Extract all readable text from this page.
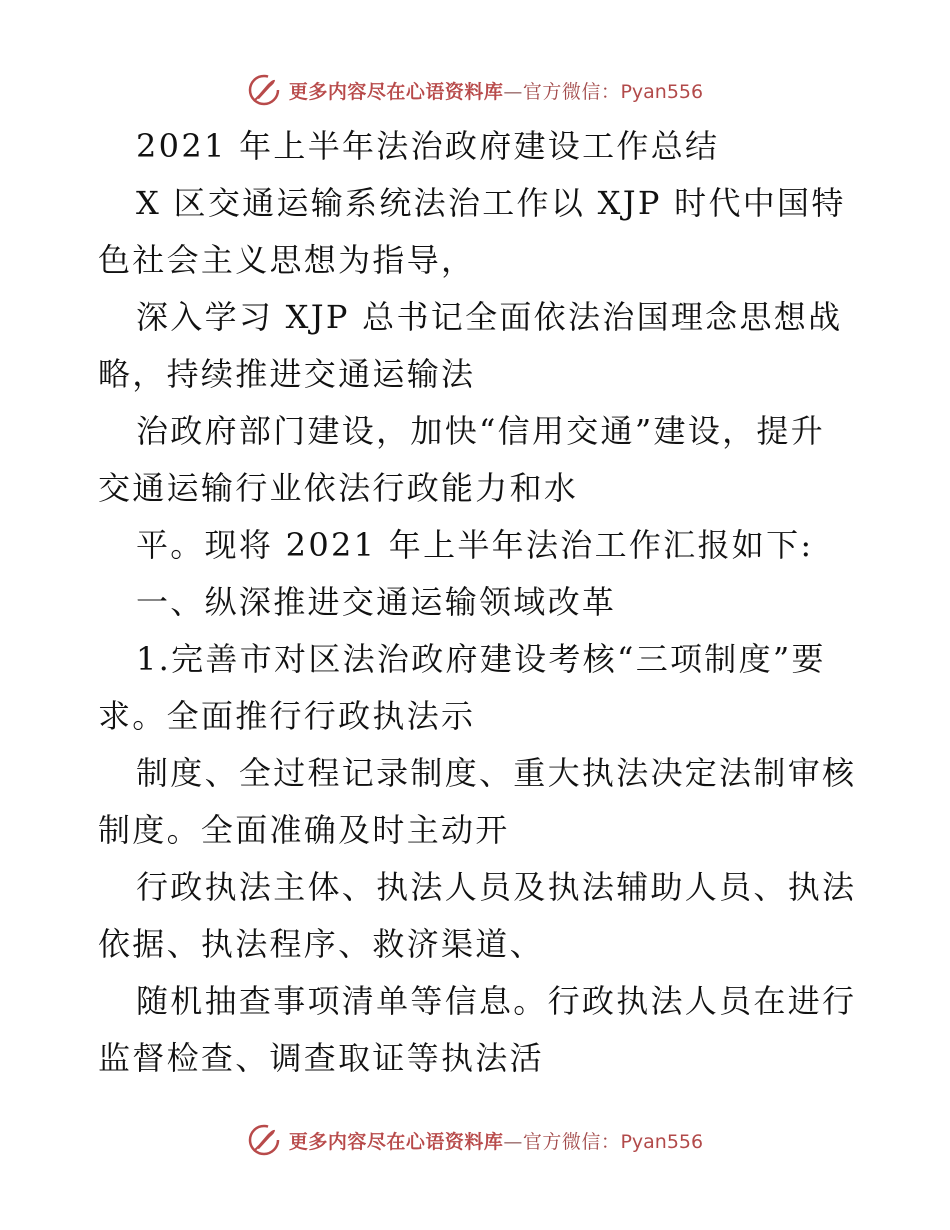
更多内容尽在心语资料库—官方微信：Pyan556
2021 年上半年法治政府建设工作总结
X 区交通运输系统法治工作以 XJP 时代中国特
色社会主义思想为指导，
深入学习 XJP 总书记全面依法治国理念思想战
略，持续推进交通运输法
治政府部门建设，加快“信用交通”建设，提升
交通运输行业依法行政能力和水
平。现将 2021 年上半年法治工作汇报如下:
一、纵深推进交通运输领域改革
1.完善市对区法治政府建设考核“三项制度”要
求。全面推行行政执法示
制度、全过程记录制度、重大执法决定法制审核
制度。全面准确及时主动开
行政执法主体、执法人员及执法辅助人员、执法
依据、执法程序、救济渠道、
随机抽查事项清单等信息。行政执法人员在进行
监督检查、调查取证等执法活
更多内容尽在心语资料库—官方微信：Pyan556
